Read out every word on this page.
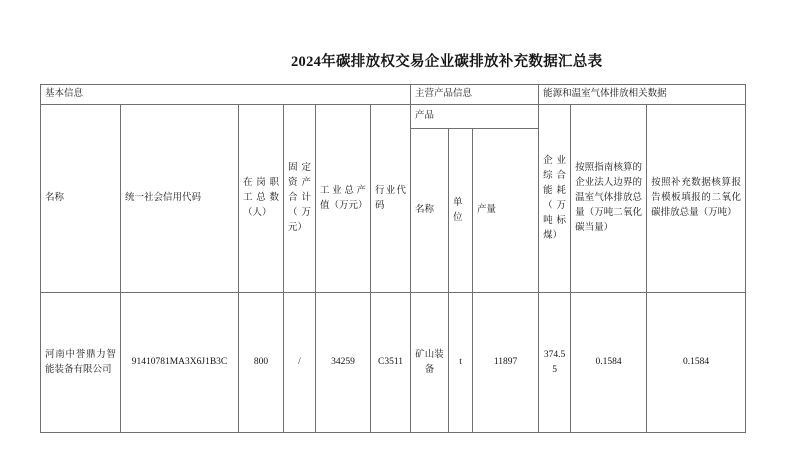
2024年碳排放权交易企业碳排放补充数据汇总表
基本信息						主营产品信息			能源和温室气体排放相关数据		
名称	统一社会信用代码	在岗职工总数（人）	固定资产合计（万元）	工业总产值（万元）	行业代码	产品			企业综合能耗（万吨标煤）	按照指南核算的企业法人边界的温室气体排放总量（万吨二氧化碳当量）	按照补充数据核算报告模板填报的二氧化碳排放总量（万吨）
						名称	单位	产量			
河南中誉鼎力智能装备有限公司	91410781MA3X6J1B3C	800	/	34259	C3511	矿山装备	t	11897	374.55	0.1584	0.1584
